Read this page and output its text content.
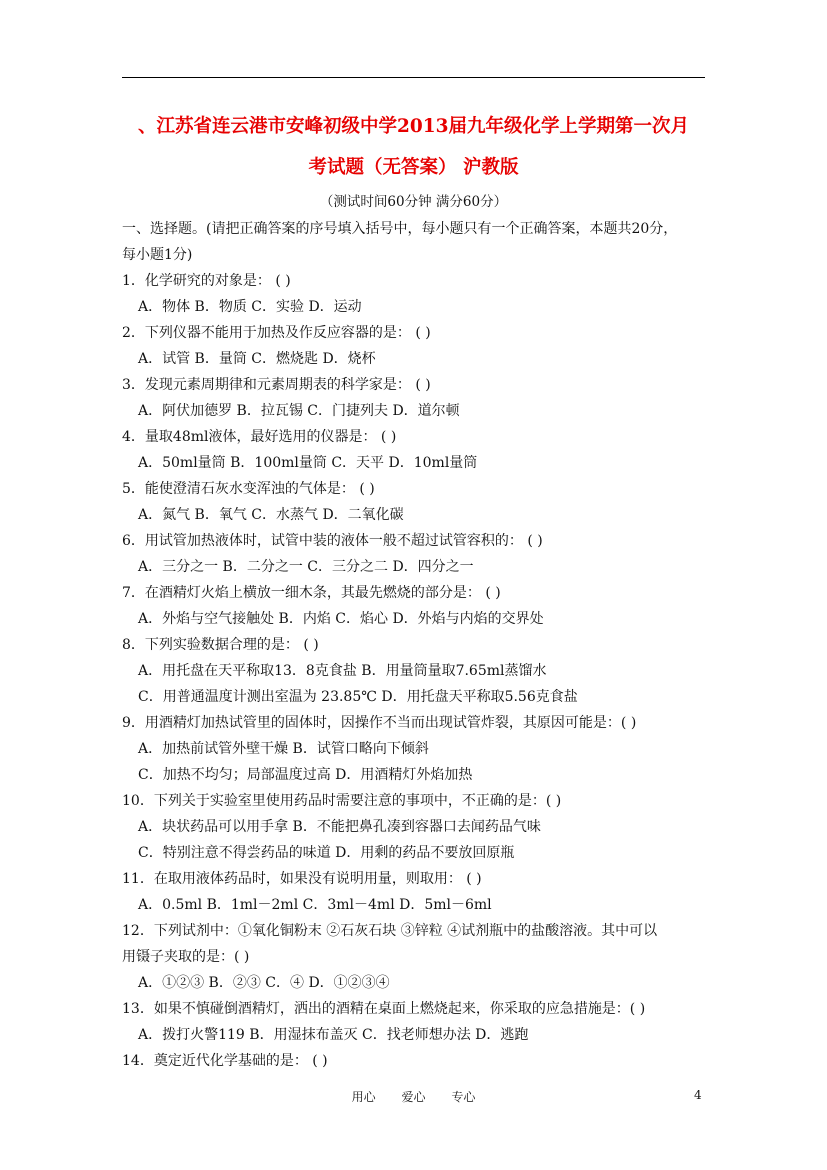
、江苏省连云港市安峰初级中学2013届九年级化学上学期第一次月
考试题（无答案） 沪教版
（测试时间60分钟 满分60分）
一、选择题。(请把正确答案的序号填入括号中，每小题只有一个正确答案，本题共20分，
每小题1分)
1．化学研究的对象是： ( )
A．物体 B．物质 C．实验 D．运动
2．下列仪器不能用于加热及作反应容器的是： ( )
A．试管 B．量筒 C．燃烧匙 D．烧杯
3．发现元素周期律和元素周期表的科学家是： ( )
A．阿伏加德罗 B．拉瓦锡 C．门捷列夫 D．道尔顿
4．量取48ml液体，最好选用的仪器是： ( )
A．50ml量筒 B．100ml量筒 C．天平 D．10ml量筒
5．能使澄清石灰水变浑浊的气体是： ( )
A．氮气 B．氧气 C．水蒸气 D．二氧化碳
6．用试管加热液体时，试管中装的液体一般不超过试管容积的： ( )
A．三分之一 B．二分之一 C．三分之二 D．四分之一
7．在酒精灯火焰上横放一细木条，其最先燃烧的部分是： ( )
A．外焰与空气接触处 B．内焰 C．焰心 D．外焰与内焰的交界处
8．下列实验数据合理的是： ( )
A．用托盘在天平称取13．8克食盐 B．用量筒量取7.65ml蒸馏水
C．用普通温度计测出室温为 23.85℃ D．用托盘天平称取5.56克食盐
9．用酒精灯加热试管里的固体时，因操作不当而出现试管炸裂，其原因可能是：( )
A．加热前试管外壁干燥 B．试管口略向下倾斜
C．加热不均匀；局部温度过高 D．用酒精灯外焰加热
10．下列关于实验室里使用药品时需要注意的事项中，不正确的是：( )
A．块状药品可以用手拿 B．不能把鼻孔凑到容器口去闻药品气味
C．特别注意不得尝药品的味道 D．用剩的药品不要放回原瓶
11．在取用液体药品时，如果没有说明用量，则取用： ( )
A．0.5ml B．1ml－2ml C．3ml－4ml D．5ml－6ml
12．下列试剂中：①氧化铜粉末 ②石灰石块 ③锌粒 ④试剂瓶中的盐酸溶液。其中可以
用镊子夹取的是：( )
A．①②③ B．②③ C．④ D．①②③④
13．如果不慎碰倒酒精灯，洒出的酒精在桌面上燃烧起来，你采取的应急措施是：( )
A．拨打火警119 B．用湿抹布盖灭 C．找老师想办法 D．逃跑
14．奠定近代化学基础的是： ( )
用心 爱心 专心	4
